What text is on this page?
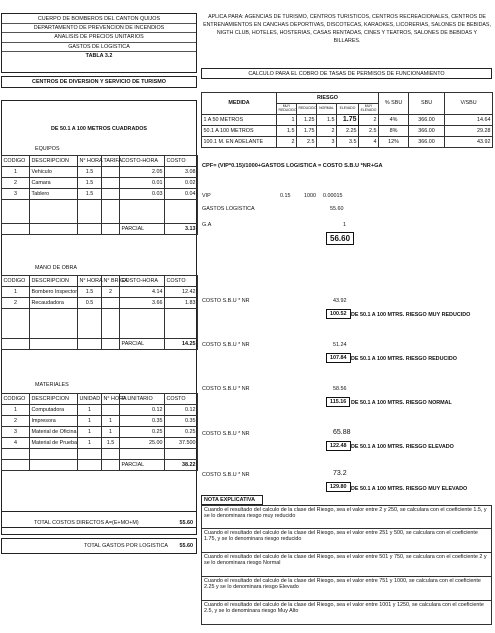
CUERPO DE BOMBEROS DEL CANTON QUIJOS
DEPARTAMENTO DE PREVENCION DE INCENDIOS
ANALISIS DE PRECIOS UNITARIOS
GASTOS DE LOGISTICA
TABLA 3.2
CENTROS DE DIVERSION Y SERVICIO DE TURISMO
DE 50.1 A 100 METROS CUADRADOS
EQUIPOS
CODIGO	DESCRIPCION	N° HORA	TARIFA	COSTO-HORA	COSTO
1	Vehiculo	1.5		2.05	3.08
2	Camara	1.5		0.01	0.02
3	Tablero	1.5		0.03	0.04

				PARCIAL	3.13
MANO DE OBRA
CODIGO	DESCRIPCION	N° HORA	N° BRIGA	COSTO-HORA	COSTO
1	Bombero Inspector	1.5	2	4.14	12.42
2	Recaudadora	0.5		3.66	1.83

				PARCIAL	14.25
MATERIALES
CODIGO	DESCRIPCION	UNIDAD	N° HORA	P. UNITARIO	COSTO
1	Computadora	1		0.12	0.12
2	Impresora	1	1	0.35	0.35
3	Material de Oficina	1	1	0.25	0.25
4	Material de Prueba	1	1.5	25.00	37.500

				PARCIAL	38.22
TOTAL COSTOS DIRECTOS A=(E+MO+M)	55.60
TOTAL GASTOS POR LOGISTICA 55.60
APLICA PARA: AGENCIAS DE TURISMO, CENTROS TURISTICOS, CENTROS RECREACIONALES, CENTROS DE ENTRENAMIENTOS EN CANCHAS DEPORTIVAS, DISCOTECAS, KARAOKES, LICORERIAS, SALONES DE BEBIDAS, NIGTH CLUB, HOTELES, HOSTERIAS, CASAS RENTADAS, CINES Y TEATROS, SALONES DE BEBIDAS Y BILLARES.
CALCULO PARA EL COBRO DE TASAS DE PERMISOS DE FUNCIONAMIENTO
MEDIDA	RIESGO					% SBU	SBU	V/SBU
	MUY REDUCIDO	REDUCIDO	NORMAL	ELEVADO	MUY ELEVADO			
1 A 50 METROS	1	1.25	1.5	1.75	2	4%	366.00	14.64
50.1 A 100 METROS	1.5	1.75	2	2.25	2.5	8%	366.00	29.28
100.1 M. EN ADELANTE	2	2.5	3	3.5	4	12%	366.00	43.92
CPF= (VIP*0.15)/1000+GASTOS LOGISTICA = COSTO S.B.U *NR+GA
VIP	0.15	1000 0.00015
GASTOS LOGISTICA	55.60
G.A	1
56.60
43.92
COSTO S.B.U * NR
100.52 DE 50.1 A 100 MTRS. RIESGO MUY REDUCIDO
51.24
COSTO S.B.U * NR
107.84 DE 50.1 A 100 MTRS. RIESGO REDUCIDO
58.56
COSTO S.B.U * NR
115.16 DE 50.1 A 100 MTRS. RIESGO NORMAL
65.88
COSTO S.B.U * NR
122.48 DE 50.1 A 100 MTRS. RIESGO ELEVADO
73.2
COSTO S.B.U * NR
129.80 DE 50.1 A 100 MTRS. RIESGO MUY ELEVADO
NOTA EXPLICATIVA
Cuando el resultado del calculo de la clase del Riesgo, sea el valor entre 2 y 250, se calculara con el coeficiente 1.5, y se lo denominara riesgo muy reducido
Cuando el resultado del calculo de la clase del Riesgo, sea el valor entre 251 y 500, se calculara con el coeficiente 1.75, y se lo denominara riesgo reducido
Cuando el resultado del calculo de la clase del Riesgo, sea el valor entre 501 y 750, se calculara con el coeficiente 2 y se lo denominara riesgo Normal
Cuando el resultado del calculo de la clase del Riesgo, sea el valor entre 751 y 1000, se calculara con el coeficiente 2.25 y se lo denominara riesgo Elevado
Cuando el resultado del calculo de la clase del Riesgo, sea el valor entre 1001 y 1250, se calculara con el coeficiente 2.5, y se lo denominara riesgo Muy Alto
